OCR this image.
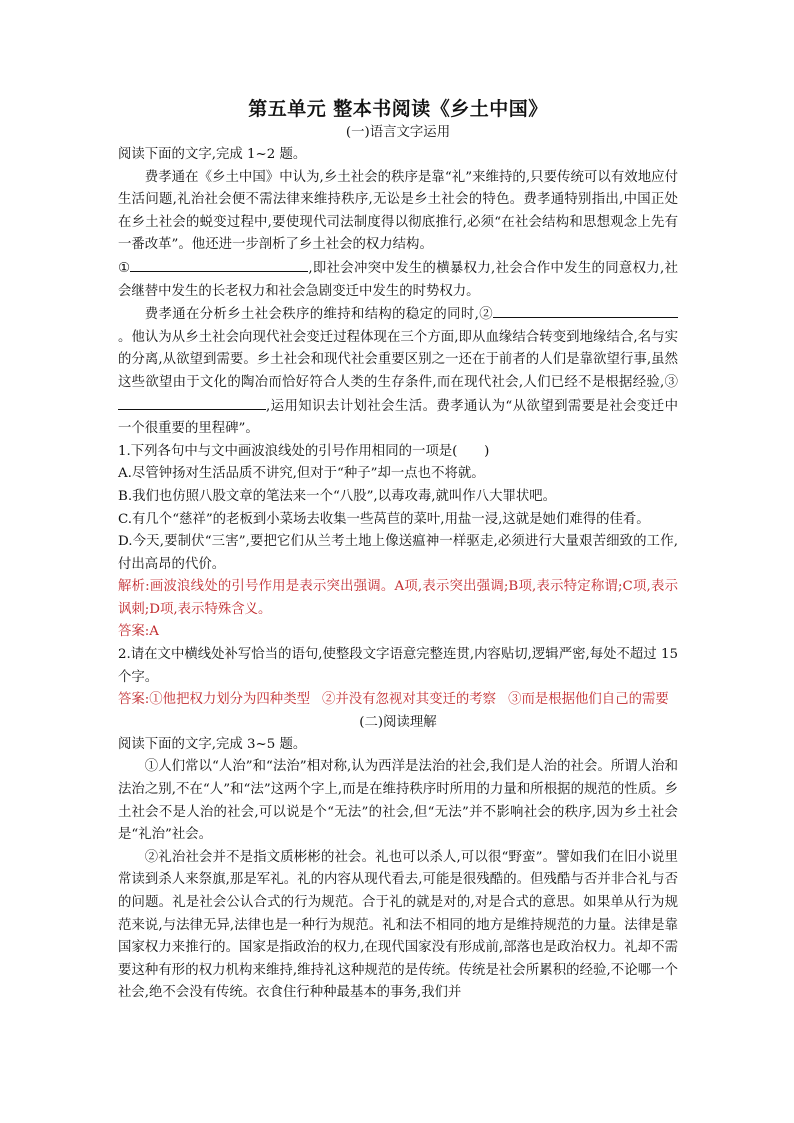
第五单元 整本书阅读《乡土中国》

(一)语言文字运用

阅读下面的文字,完成 1~2 题。

费孝通在《乡土中国》中认为,乡土社会的秩序是靠“礼”来维持的,只要传统可以有效地应付生活问题,礼治社会便不需法律来维持秩序,无讼是乡土社会的特色。费孝通特别指出,中国正处在乡土社会的蜕变过程中,要使现代司法制度得以彻底推行,必须“在社会结构和思想观念上先有一番改革”。他还进一步剖析了乡土社会的权力结构。

①	,即社会冲突中发生的横暴权力,社会合作中发生的同意权力,社会继替中发生的长老权力和社会急剧变迁中发生的时势权力。

费孝通在分析乡土社会秩序的维持和结构的稳定的同时,②。他认为从乡土社会向现代社会变迁过程体现在三个方面,即从血缘结合转变到地缘结合,名与实的分离,从欲望到需要。乡土社会和现代社会重要区别之一还在于前者的人们是靠欲望行事,虽然这些欲望由于文化的陶冶而恰好符合人类的生存条件,而在现代社会,人们已经不是根据经验,③,运用知识去计划社会生活。费孝通认为“从欲望到需要是社会变迁中一个很重要的里程碑”。

1.下列各句中与文中画波浪线处的引号作用相同的一项是(　　)

A.尽管钟扬对生活品质不讲究,但对于“种子”却一点也不将就。

B.我们也仿照八股文章的笔法来一个“八股”,以毒攻毒,就叫作八大罪状吧。

C.有几个“慈祥”的老板到小菜场去收集一些莴苣的菜叶,用盐一浸,这就是她们难得的佳肴。

D.今天,要制伏“三害”,要把它们从兰考土地上像送瘟神一样驱走,必须进行大量艰苦细致的工作,付出高昂的代价。

解析:画波浪线处的引号作用是表示突出强调。A项,表示突出强调;B项,表示特定称谓;C项,表示讽刺;D项,表示特殊含义。

答案:A

2.请在文中横线处补写恰当的语句,使整段文字语意完整连贯,内容贴切,逻辑严密,每处不超过 15 个字。

答案:①他把权力划分为四种类型 ②并没有忽视对其变迁的考察 ③而是根据他们自己的需要

(二)阅读理解

阅读下面的文字,完成 3~5 题。

①人们常以“人治”和“法治”相对称,认为西洋是法治的社会,我们是人治的社会。所谓人治和法治之别,不在“人”和“法”这两个字上,而是在维持秩序时所用的力量和所根据的规范的性质。乡土社会不是人治的社会,可以说是个“无法”的社会,但“无法”并不影响社会的秩序,因为乡土社会是“礼治”社会。

②礼治社会并不是指文质彬彬的社会。礼也可以杀人,可以很“野蛮”。譬如我们在旧小说里常读到杀人来祭旗,那是军礼。礼的内容从现代看去,可能是很残酷的。但残酷与否并非合礼与否的问题。礼是社会公认合式的行为规范。合于礼的就是对的,对是合式的意思。如果单从行为规范来说,与法律无异,法律也是一种行为规范。礼和法不相同的地方是维持规范的力量。法律是靠国家权力来推行的。国家是指政治的权力,在现代国家没有形成前,部落也是政治权力。礼却不需要这种有形的权力机构来维持,维持礼这种规范的是传统。传统是社会所累积的经验,不论哪一个社会,绝不会没有传统。衣食住行种种最基本的事务,我们并
